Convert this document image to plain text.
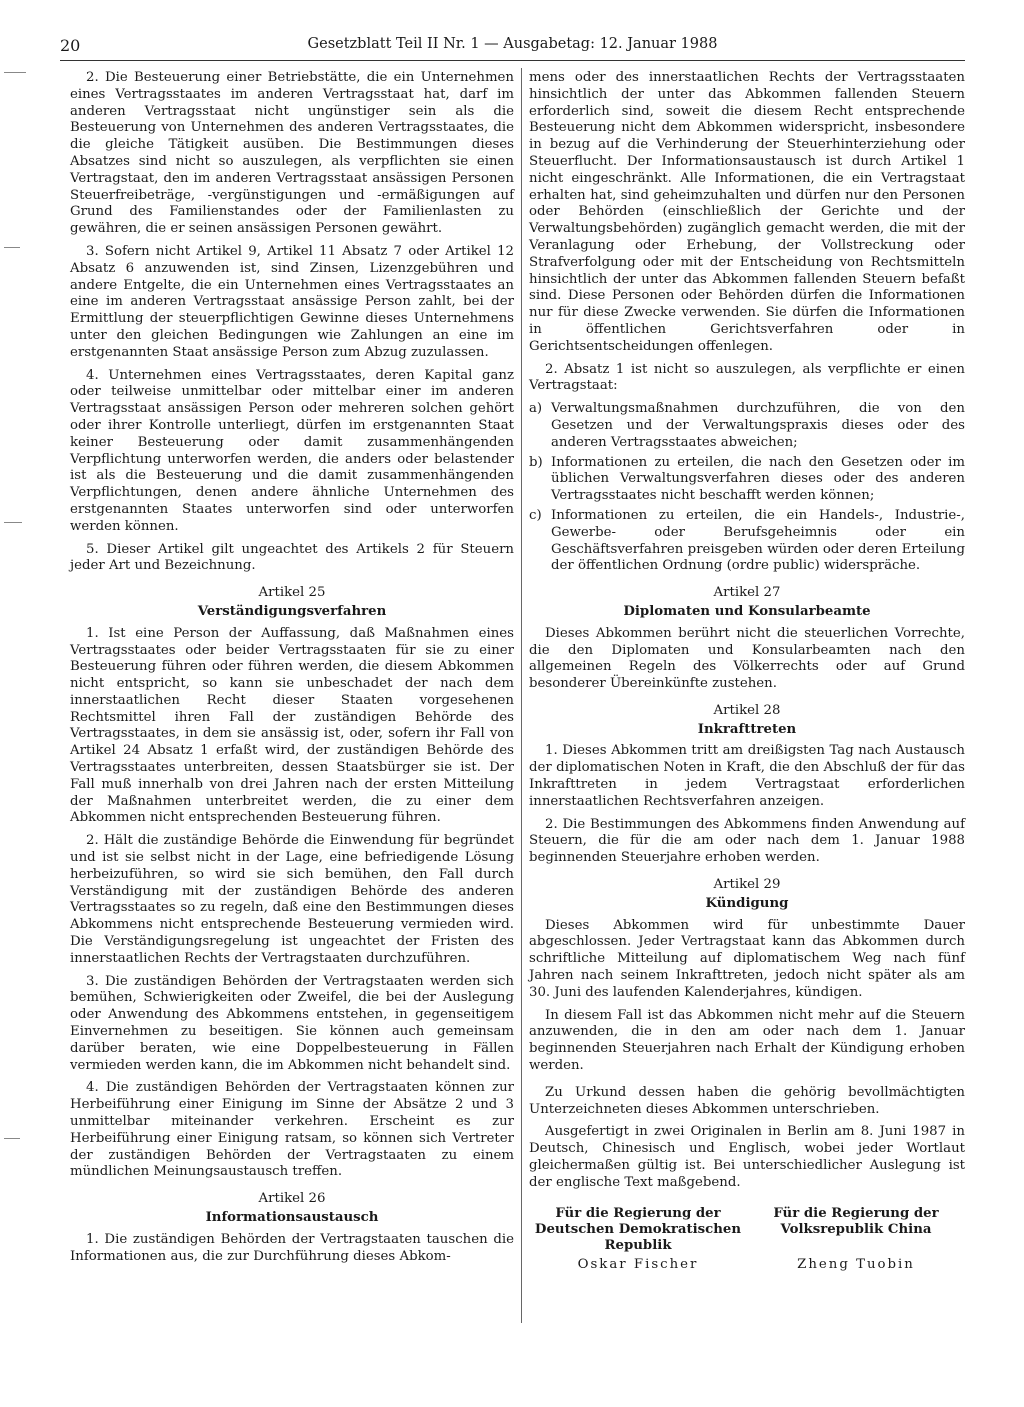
20	Gesetzblatt Teil II Nr. 1 — Ausgabetag: 12. Januar 1988

2. Die Besteuerung einer Betriebstätte, die ein Unternehmen eines Vertragsstaates im anderen Vertragsstaat hat, darf im anderen Vertragsstaat nicht ungünstiger sein als die Besteuerung von Unternehmen des anderen Vertragsstaates, die die gleiche Tätigkeit ausüben. Die Bestimmungen dieses Absatzes sind nicht so auszulegen, als verpflichten sie einen Vertragstaat, den im anderen Vertragsstaat ansässigen Personen Steuerfreibeträge, -vergünstigungen und -ermäßigungen auf Grund des Familienstandes oder der Familienlasten zu gewähren, die er seinen ansässigen Personen gewährt.

3. Sofern nicht Artikel 9, Artikel 11 Absatz 7 oder Artikel 12 Absatz 6 anzuwenden ist, sind Zinsen, Lizenzgebühren und andere Entgelte, die ein Unternehmen eines Vertragsstaates an eine im anderen Vertragsstaat ansässige Person zahlt, bei der Ermittlung der steuerpflichtigen Gewinne dieses Unternehmens unter den gleichen Bedingungen wie Zahlungen an eine im erstgenannten Staat ansässige Person zum Abzug zuzulassen.

4. Unternehmen eines Vertragsstaates, deren Kapital ganz oder teilweise unmittelbar oder mittelbar einer im anderen Vertragsstaat ansässigen Person oder mehreren solchen gehört oder ihrer Kontrolle unterliegt, dürfen im erstgenannten Staat keiner Besteuerung oder damit zusammenhängenden Verpflichtung unterworfen werden, die anders oder belastender ist als die Besteuerung und die damit zusammenhängenden Verpflichtungen, denen andere ähnliche Unternehmen des erstgenannten Staates unterworfen sind oder unterworfen werden können.

5. Dieser Artikel gilt ungeachtet des Artikels 2 für Steuern jeder Art und Bezeichnung.

Artikel 25
Verständigungsverfahren

1. Ist eine Person der Auffassung, daß Maßnahmen eines Vertragsstaates oder beider Vertragsstaaten für sie zu einer Besteuerung führen oder führen werden, die diesem Abkommen nicht entspricht, so kann sie unbeschadet der nach dem innerstaatlichen Recht dieser Staaten vorgesehenen Rechtsmittel ihren Fall der zuständigen Behörde des Vertragsstaates, in dem sie ansässig ist, oder, sofern ihr Fall von Artikel 24 Absatz 1 erfaßt wird, der zuständigen Behörde des Vertragsstaates unterbreiten, dessen Staatsbürger sie ist. Der Fall muß innerhalb von drei Jahren nach der ersten Mitteilung der Maßnahmen unterbreitet werden, die zu einer dem Abkommen nicht entsprechenden Besteuerung führen.

2. Hält die zuständige Behörde die Einwendung für begründet und ist sie selbst nicht in der Lage, eine befriedigende Lösung herbeizuführen, so wird sie sich bemühen, den Fall durch Verständigung mit der zuständigen Behörde des anderen Vertragsstaates so zu regeln, daß eine den Bestimmungen dieses Abkommens nicht entsprechende Besteuerung vermieden wird. Die Verständigungsregelung ist ungeachtet der Fristen des innerstaatlichen Rechts der Vertragstaaten durchzuführen.

3. Die zuständigen Behörden der Vertragstaaten werden sich bemühen, Schwierigkeiten oder Zweifel, die bei der Auslegung oder Anwendung des Abkommens entstehen, in gegenseitigem Einvernehmen zu beseitigen. Sie können auch gemeinsam darüber beraten, wie eine Doppelbesteuerung in Fällen vermieden werden kann, die im Abkommen nicht behandelt sind.

4. Die zuständigen Behörden der Vertragstaaten können zur Herbeiführung einer Einigung im Sinne der Absätze 2 und 3 unmittelbar miteinander verkehren. Erscheint es zur Herbeiführung einer Einigung ratsam, so können sich Vertreter der zuständigen Behörden der Vertragstaaten zu einem mündlichen Meinungsaustausch treffen.

Artikel 26
Informationsaustausch

1. Die zuständigen Behörden der Vertragstaaten tauschen die Informationen aus, die zur Durchführung dieses Abkom-

mens oder des innerstaatlichen Rechts der Vertragsstaaten hinsichtlich der unter das Abkommen fallenden Steuern erforderlich sind, soweit die diesem Recht entsprechende Besteuerung nicht dem Abkommen widerspricht, insbesondere in bezug auf die Verhinderung der Steuerhinterziehung oder Steuerflucht. Der Informationsaustausch ist durch Artikel 1 nicht eingeschränkt. Alle Informationen, die ein Vertragstaat erhalten hat, sind geheimzuhalten und dürfen nur den Personen oder Behörden (einschließlich der Gerichte und der Verwaltungsbehörden) zugänglich gemacht werden, die mit der Veranlagung oder Erhebung, der Vollstreckung oder Strafverfolgung oder mit der Entscheidung von Rechtsmitteln hinsichtlich der unter das Abkommen fallenden Steuern befaßt sind. Diese Personen oder Behörden dürfen die Informationen nur für diese Zwecke verwenden. Sie dürfen die Informationen in öffentlichen Gerichtsverfahren oder in Gerichtsentscheidungen offenlegen.

2. Absatz 1 ist nicht so auszulegen, als verpflichte er einen Vertragstaat:

a) Verwaltungsmaßnahmen durchzuführen, die von den Gesetzen und der Verwaltungspraxis dieses oder des anderen Vertragsstaates abweichen;
b) Informationen zu erteilen, die nach den Gesetzen oder im üblichen Verwaltungsverfahren dieses oder des anderen Vertragsstaates nicht beschafft werden können;
c) Informationen zu erteilen, die ein Handels-, Industrie-, Gewerbe- oder Berufsgeheimnis oder ein Geschäftsverfahren preisgeben würden oder deren Erteilung der öffentlichen Ordnung (ordre public) widerspräche.
Artikel 27
Diplomaten und Konsularbeamte

Dieses Abkommen berührt nicht die steuerlichen Vorrechte, die den Diplomaten und Konsularbeamten nach den allgemeinen Regeln des Völkerrechts oder auf Grund besonderer Übereinkünfte zustehen.

Artikel 28
Inkrafttreten

1. Dieses Abkommen tritt am dreißigsten Tag nach Austausch der diplomatischen Noten in Kraft, die den Abschluß der für das Inkrafttreten in jedem Vertragstaat erforderlichen innerstaatlichen Rechtsverfahren anzeigen.

2. Die Bestimmungen des Abkommens finden Anwendung auf Steuern, die für die am oder nach dem 1. Januar 1988 beginnenden Steuerjahre erhoben werden.

Artikel 29
Kündigung

Dieses Abkommen wird für unbestimmte Dauer abgeschlossen. Jeder Vertragstaat kann das Abkommen durch schriftliche Mitteilung auf diplomatischem Weg nach fünf Jahren nach seinem Inkrafttreten, jedoch nicht später als am 30. Juni des laufenden Kalenderjahres, kündigen.

In diesem Fall ist das Abkommen nicht mehr auf die Steuern anzuwenden, die in den am oder nach dem 1. Januar beginnenden Steuerjahren nach Erhalt der Kündigung erhoben werden.

Zu Urkund dessen haben die gehörig bevollmächtigten Unterzeichneten dieses Abkommen unterschrieben.

Ausgefertigt in zwei Originalen in Berlin am 8. Juni 1987 in Deutsch, Chinesisch und Englisch, wobei jeder Wortlaut gleichermaßen gültig ist. Bei unterschiedlicher Auslegung ist der englische Text maßgebend.

Für die Regierung der Deutschen Demokratischen Republik
Oskar Fischer
Für die Regierung der Volksrepublik China
Zheng Tuobin
